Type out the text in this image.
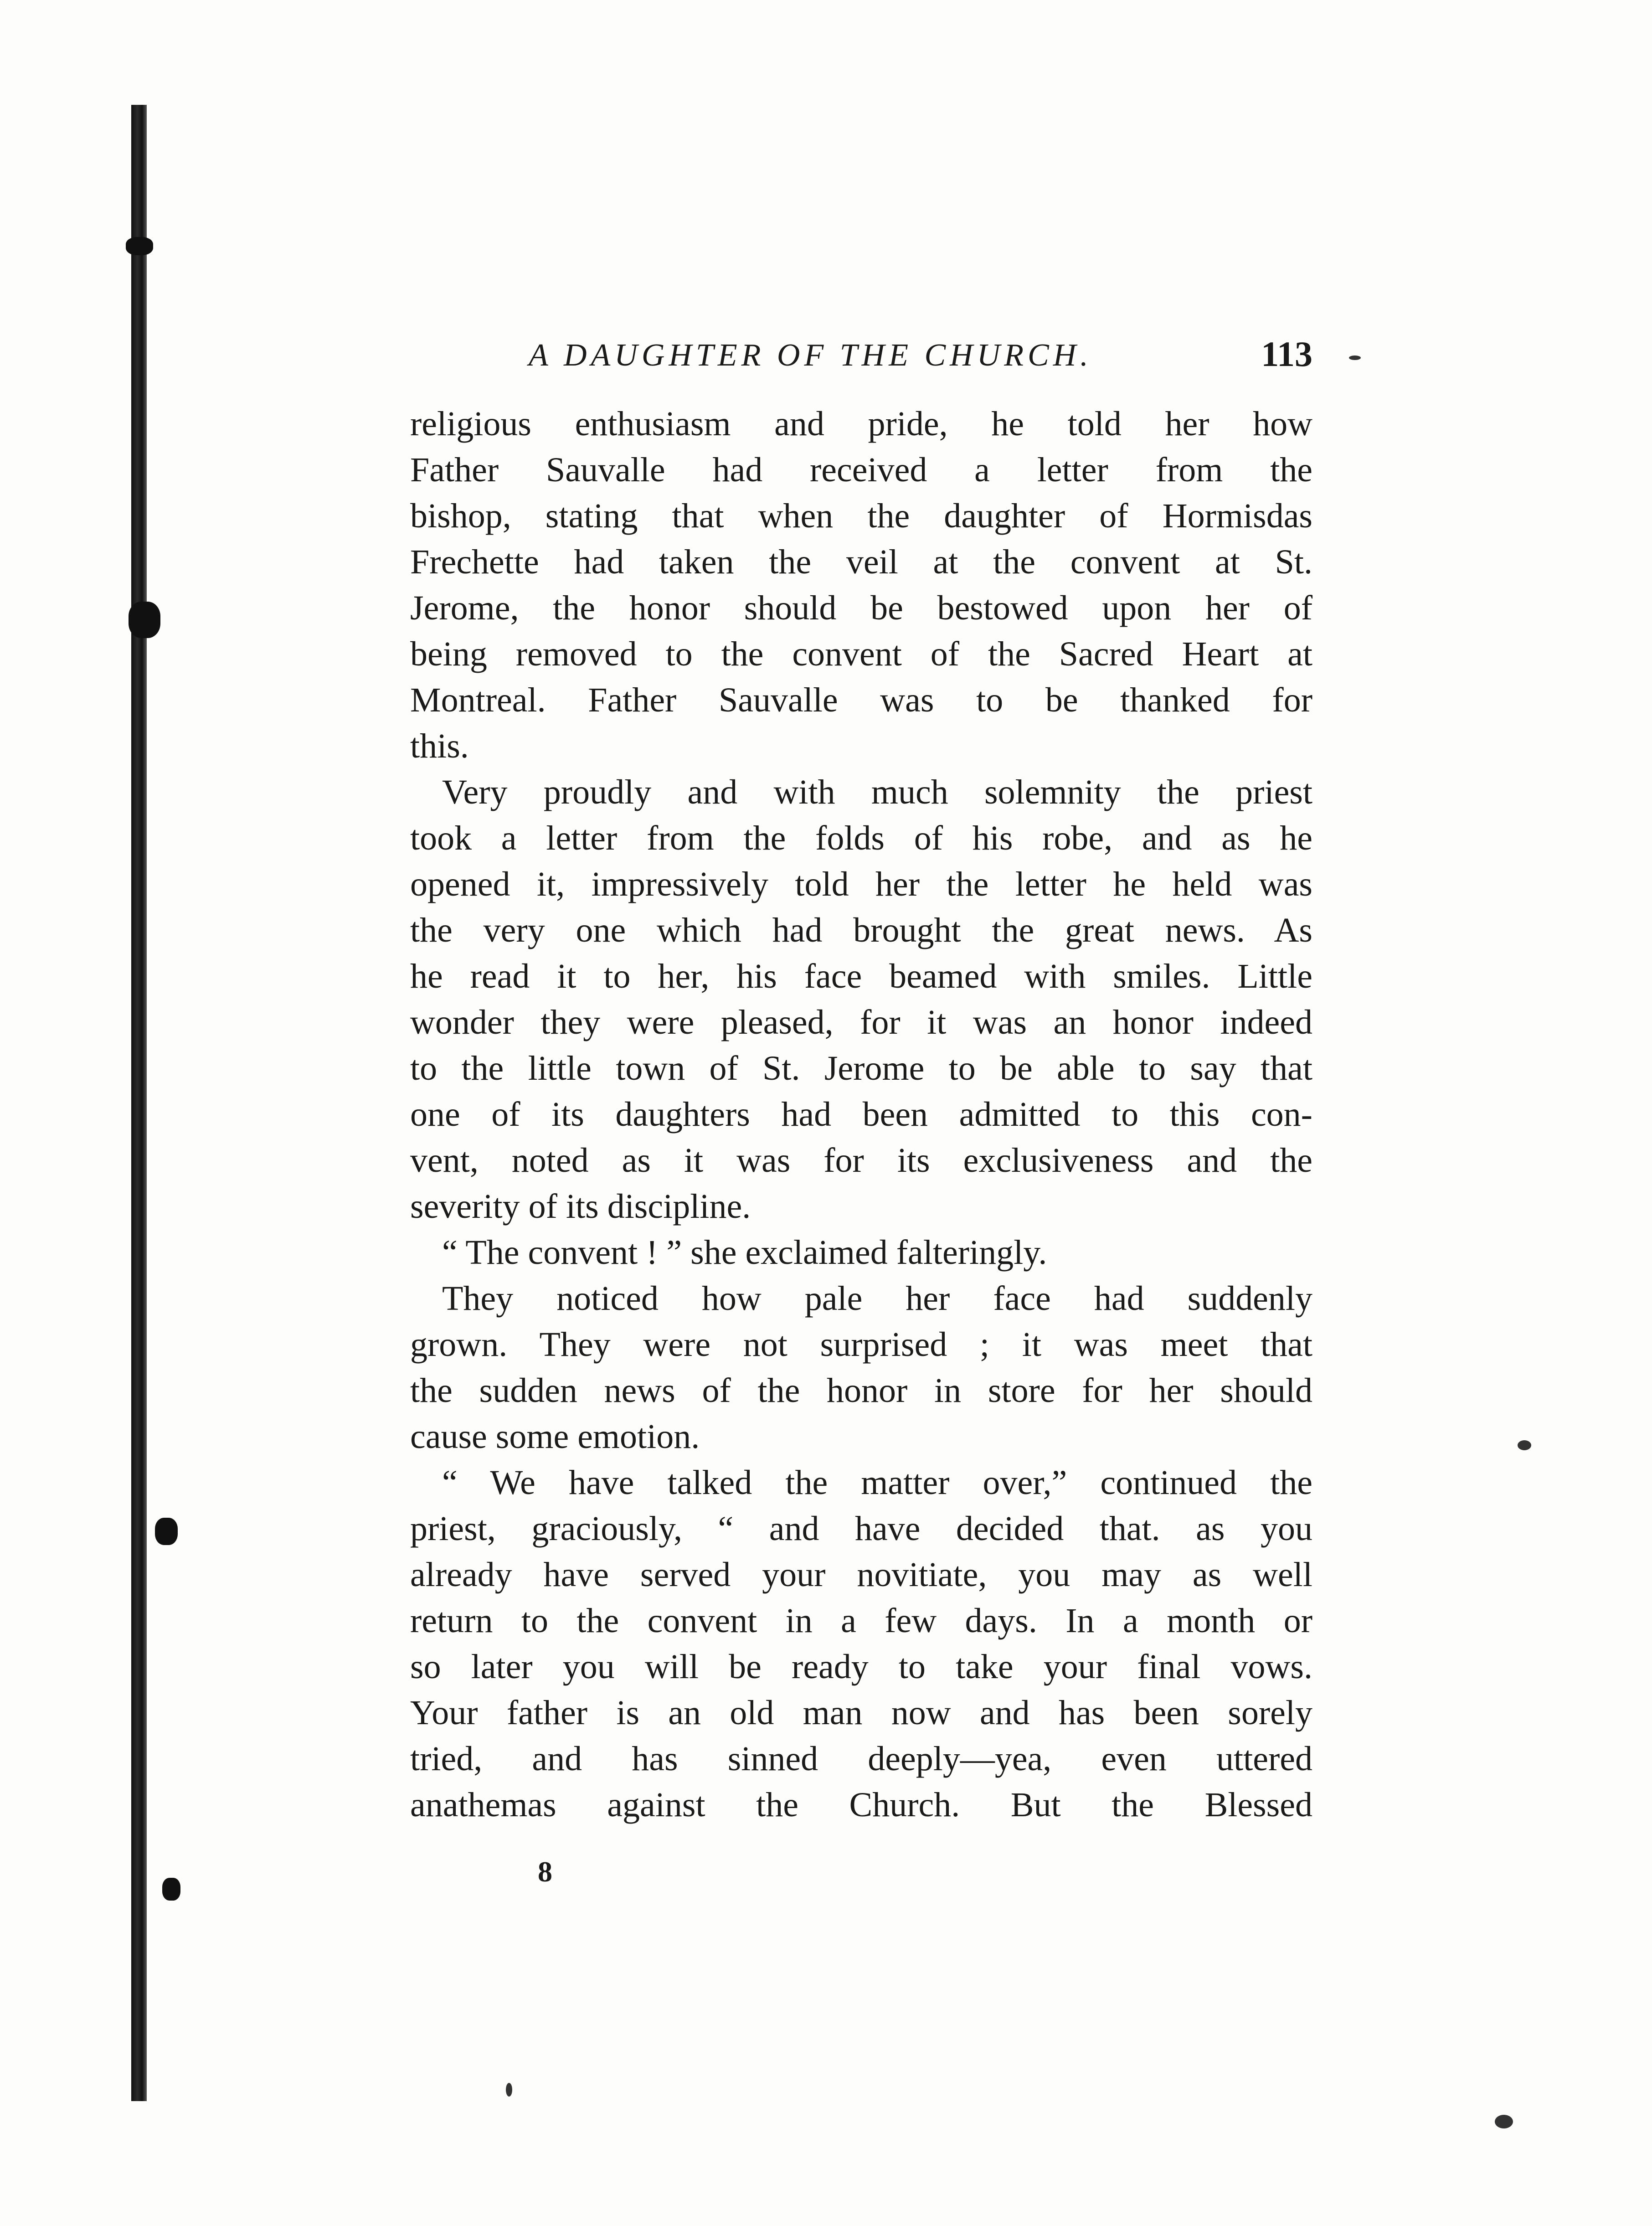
A DAUGHTER OF THE CHURCH.	113
religious enthusiasm and pride, he told her how
Father Sauvalle had received a letter from the
bishop, stating that when the daughter of Hormisdas
Frechette had taken the veil at the convent at St.
Jerome, the honor should be bestowed upon her of
being removed to the convent of the Sacred Heart at
Montreal. Father Sauvalle was to be thanked for
this.
Very proudly and with much solemnity the priest
took a letter from the folds of his robe, and as he
opened it, impressively told her the letter he held was
the very one which had brought the great news. As
he read it to her, his face beamed with smiles. Little
wonder they were pleased, for it was an honor indeed
to the little town of St. Jerome to be able to say that
one of its daughters had been admitted to this con-
vent, noted as it was for its exclusiveness and the
severity of its discipline.
“ The convent ! ” she exclaimed falteringly.
They noticed how pale her face had suddenly
grown. They were not surprised ; it was meet that
the sudden news of the honor in store for her should
cause some emotion.
“ We have talked the matter over,” continued the
priest, graciously, “ and have decided that. as you
already have served your novitiate, you may as well
return to the convent in a few days. In a month or
so later you will be ready to take your final vows.
Your father is an old man now and has been sorely
tried, and has sinned deeply—yea, even uttered
anathemas against the Church. But the Blessed
8
